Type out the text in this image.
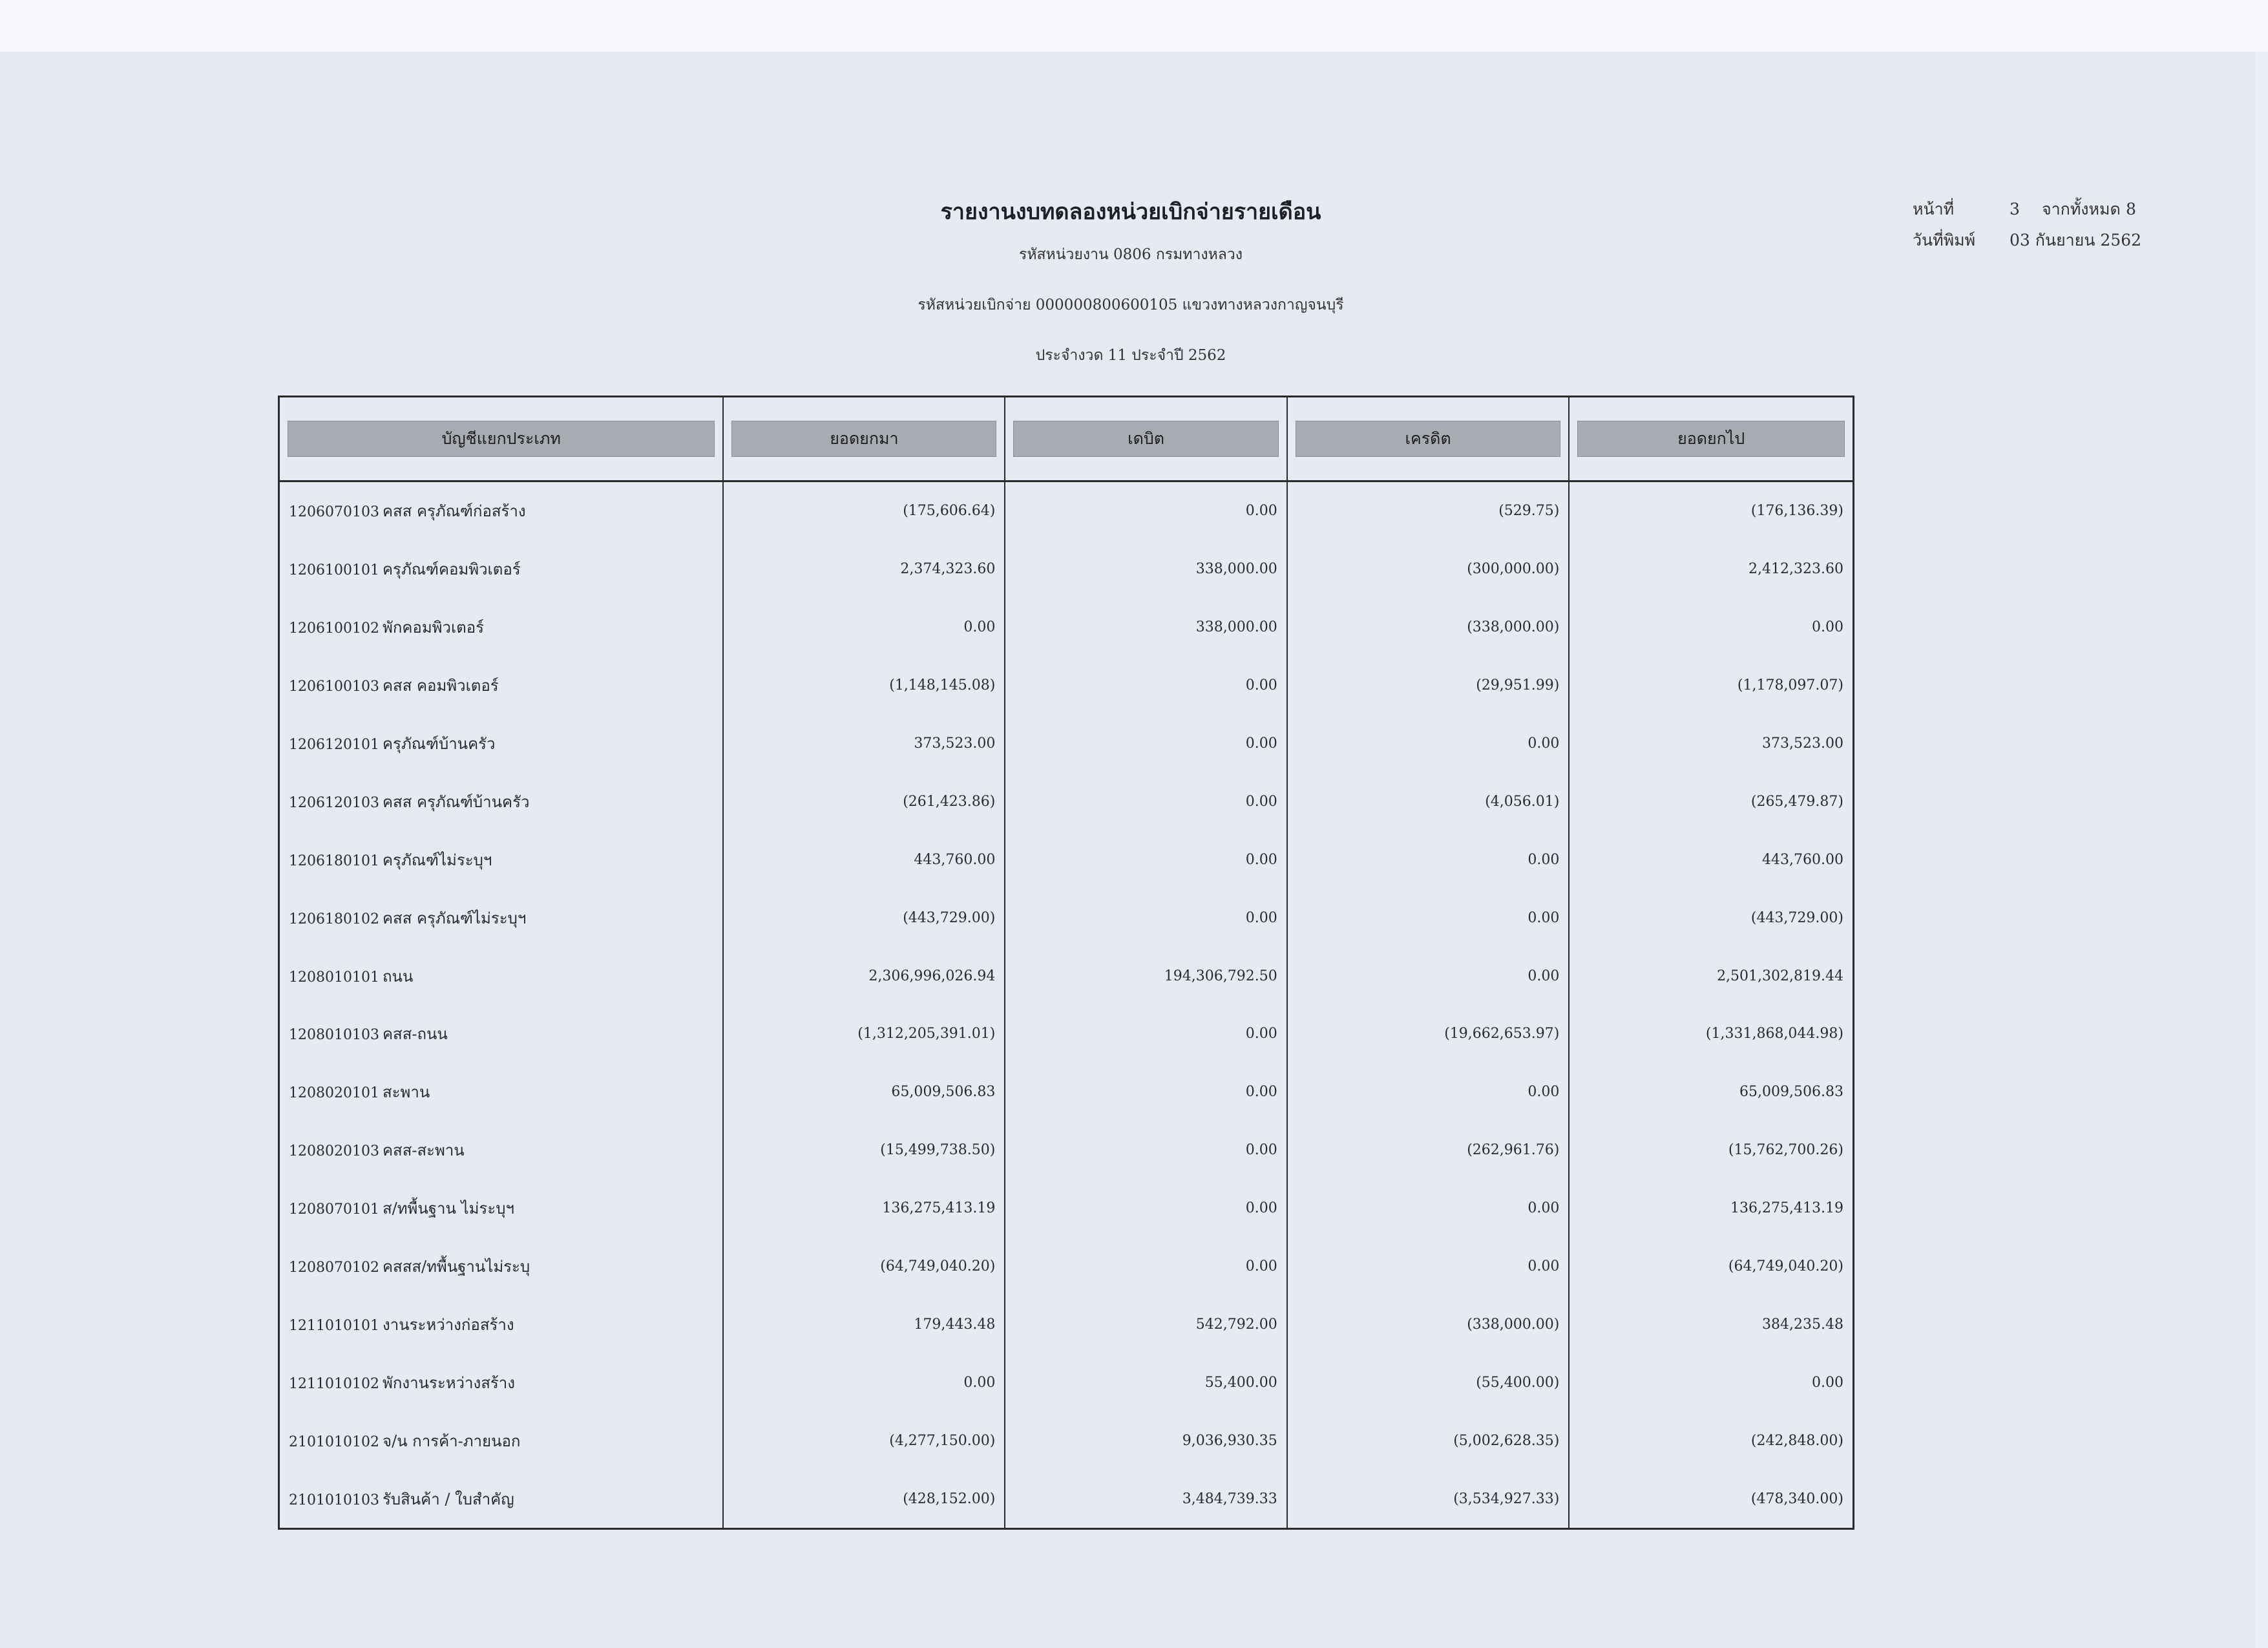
หน้าที่	3	จากทั้งหมด 8
วันที่พิมพ์	03 กันยายน 2562
รายงานงบทดลองหน่วยเบิกจ่ายรายเดือน
รหัสหน่วยงาน 0806 กรมทางหลวง
รหัสหน่วยเบิกจ่าย 000000800600105 แขวงทางหลวงกาญจนบุรี
ประจำงวด 11 ประจำปี 2562
บัญชีแยกประเภท	ยอดยกมา	เดบิต	เครดิต	ยอดยกไป

1206070103 คสส ครุภัณฑ์ก่อสร้าง	(175,606.64)	0.00	(529.75)	(176,136.39)
1206100101 ครุภัณฑ์คอมพิวเตอร์	2,374,323.60	338,000.00	(300,000.00)	2,412,323.60
1206100102 พักคอมพิวเตอร์	0.00	338,000.00	(338,000.00)	0.00
1206100103 คสส คอมพิวเตอร์	(1,148,145.08)	0.00	(29,951.99)	(1,178,097.07)
1206120101 ครุภัณฑ์บ้านครัว	373,523.00	0.00	0.00	373,523.00
1206120103 คสส ครุภัณฑ์บ้านครัว	(261,423.86)	0.00	(4,056.01)	(265,479.87)
1206180101 ครุภัณฑ์ไม่ระบุฯ	443,760.00	0.00	0.00	443,760.00
1206180102 คสส ครุภัณฑ์ไม่ระบุฯ	(443,729.00)	0.00	0.00	(443,729.00)
1208010101 ถนน	2,306,996,026.94	194,306,792.50	0.00	2,501,302,819.44
1208010103 คสส-ถนน	(1,312,205,391.01)	0.00	(19,662,653.97)	(1,331,868,044.98)
1208020101 สะพาน	65,009,506.83	0.00	0.00	65,009,506.83
1208020103 คสส-สะพาน	(15,499,738.50)	0.00	(262,961.76)	(15,762,700.26)
1208070101 ส/ทพื้นฐาน ไม่ระบุฯ	136,275,413.19	0.00	0.00	136,275,413.19
1208070102 คสสส/ทพื้นฐานไม่ระบุ	(64,749,040.20)	0.00	0.00	(64,749,040.20)
1211010101 งานระหว่างก่อสร้าง	179,443.48	542,792.00	(338,000.00)	384,235.48
1211010102 พักงานระหว่างสร้าง	0.00	55,400.00	(55,400.00)	0.00
2101010102 จ/น การค้า-ภายนอก	(4,277,150.00)	9,036,930.35	(5,002,628.35)	(242,848.00)
2101010103 รับสินค้า / ใบสำคัญ	(428,152.00)	3,484,739.33	(3,534,927.33)	(478,340.00)
